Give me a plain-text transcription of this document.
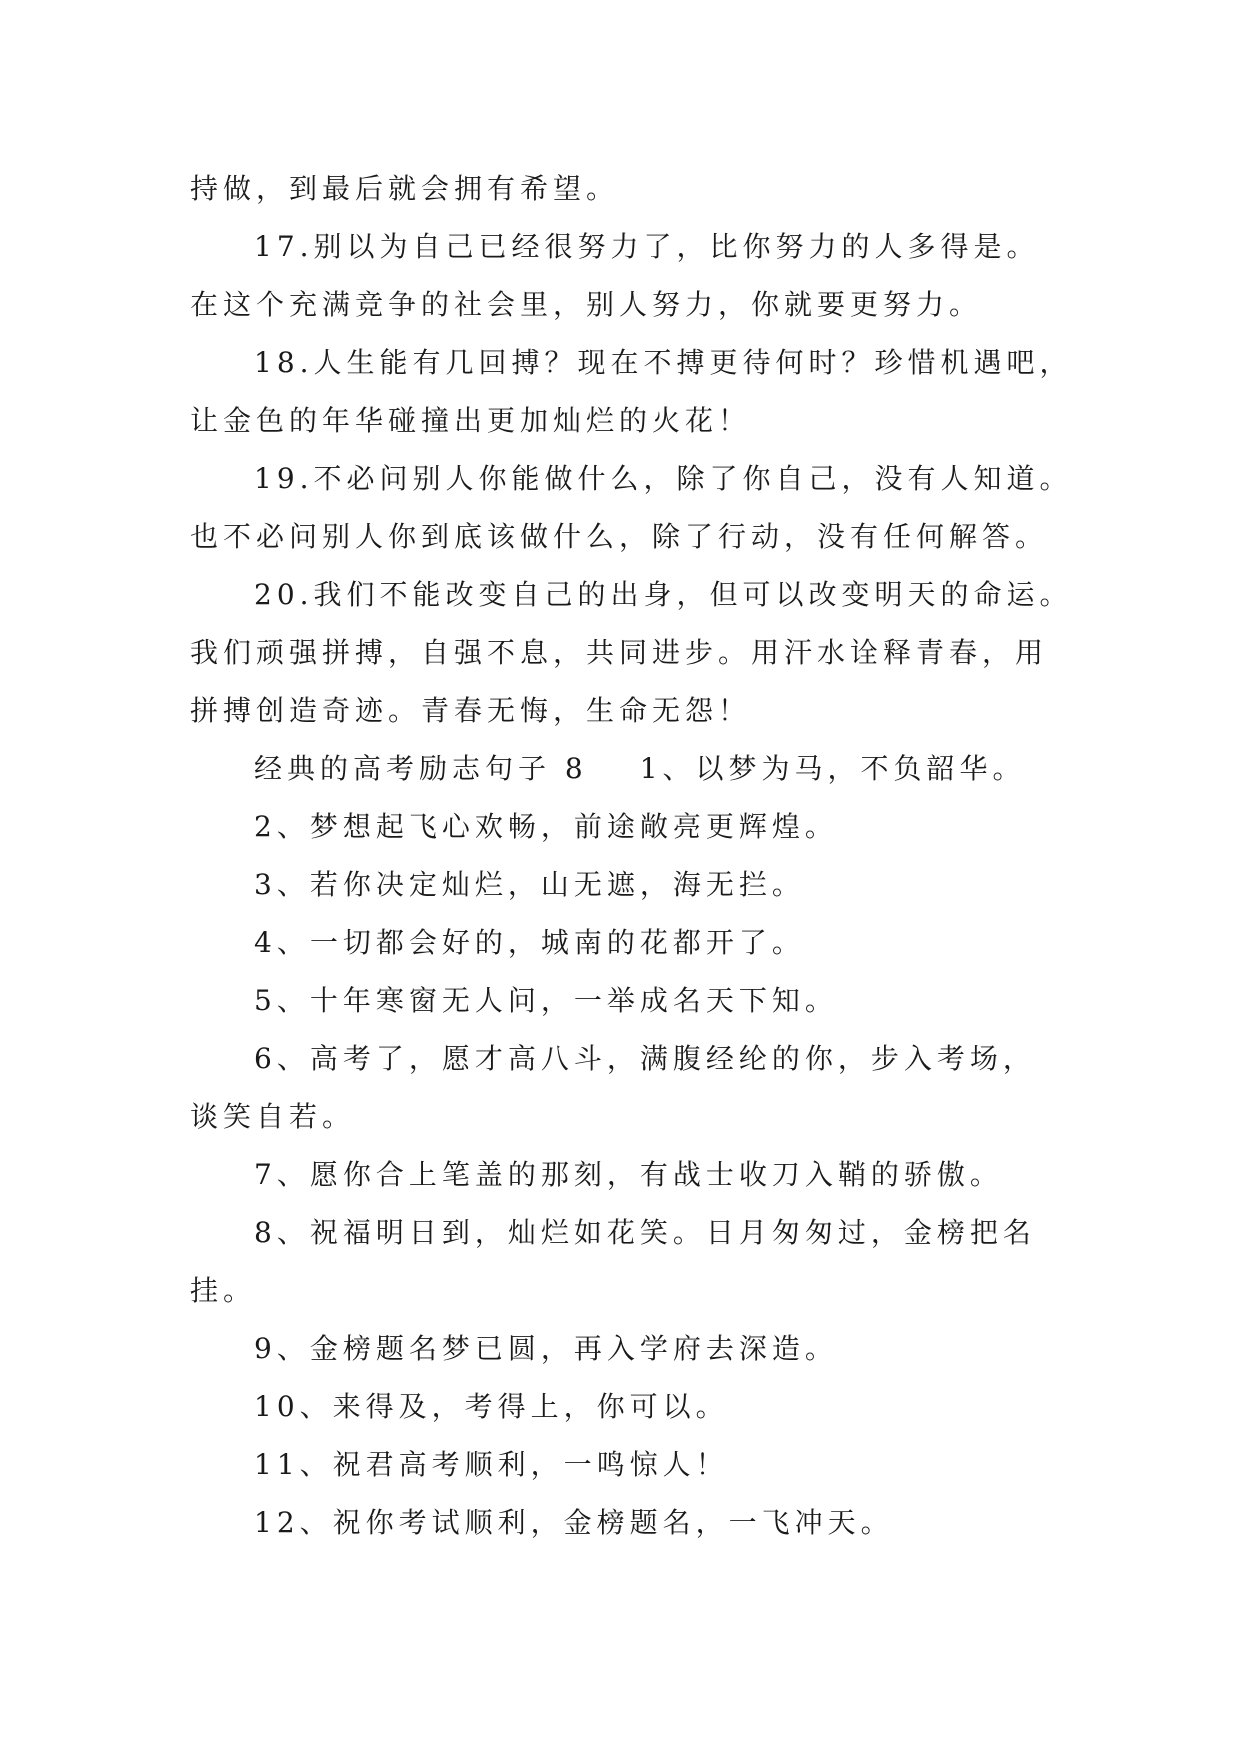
持做，到最后就会拥有希望。
17.别以为自己已经很努力了，比你努力的人多得是。
在这个充满竞争的社会里，别人努力，你就要更努力。
18.人生能有几回搏？现在不搏更待何时？珍惜机遇吧，
让金色的年华碰撞出更加灿烂的火花！
19.不必问别人你能做什么，除了你自己，没有人知道。
也不必问别人你到底该做什么，除了行动，没有任何解答。
20.我们不能改变自己的出身，但可以改变明天的命运。
我们顽强拼搏，自强不息，共同进步。用汗水诠释青春，用
拼搏创造奇迹。青春无悔，生命无怨！
经典的高考励志句子 8 1、以梦为马，不负韶华。
2、梦想起飞心欢畅，前途敞亮更辉煌。
3、若你决定灿烂，山无遮，海无拦。
4、一切都会好的，城南的花都开了。
5、十年寒窗无人问，一举成名天下知。
6、高考了，愿才高八斗，满腹经纶的你，步入考场，
谈笑自若。
7、愿你合上笔盖的那刻，有战士收刀入鞘的骄傲。
8、祝福明日到，灿烂如花笑。日月匆匆过，金榜把名
挂。
9、金榜题名梦已圆，再入学府去深造。
10、来得及，考得上，你可以。
11、祝君高考顺利，一鸣惊人！
12、祝你考试顺利，金榜题名，一飞冲天。
